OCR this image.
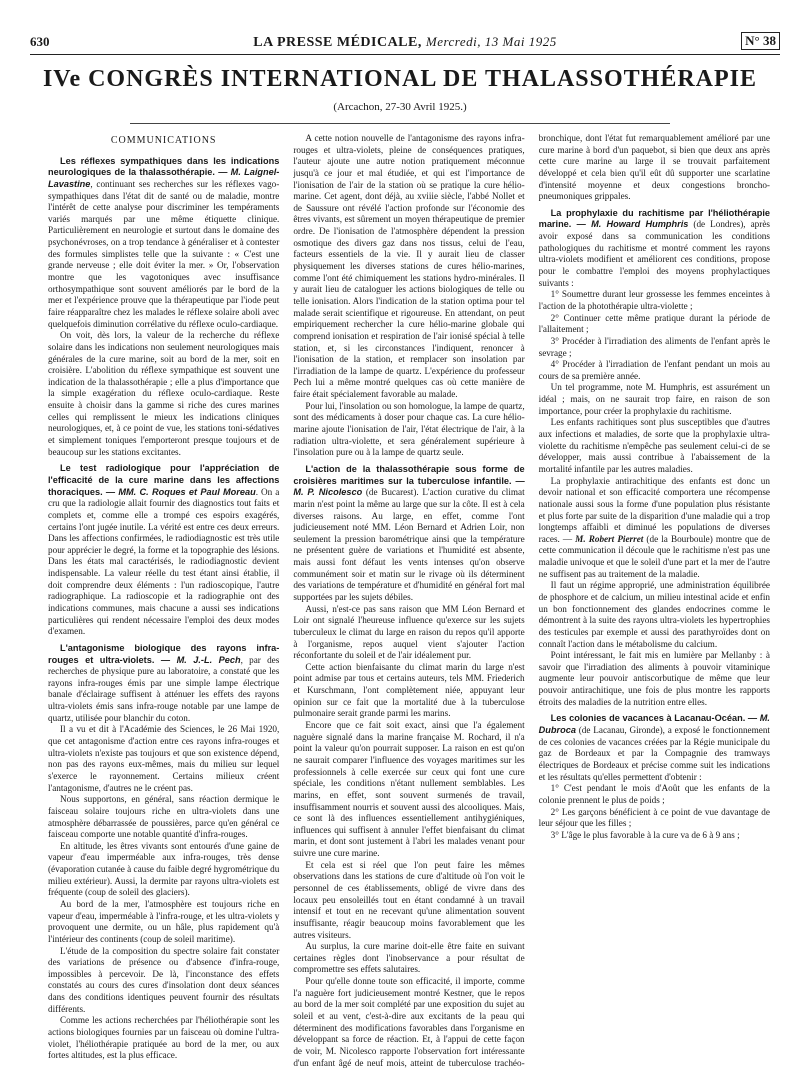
630	LA PRESSE MÉDICALE, Mercredi, 13 Mai 1925	N° 38
IVe CONGRÈS INTERNATIONAL DE THALASSOTHÉRAPIE
(Arcachon, 27-30 Avril 1925.)
COMMUNICATIONS
Les réflexes sympathiques dans les indications neurologiques de la thalassothérapie. — M. Laignel-Lavastine, continuant ses recherches sur les réflexes vago-sympathiques dans l'état dit de santé ou de maladie, montre l'intérêt de cette analyse pour discriminer les tempéraments variés marqués par une même étiquette clinique. Particulièrement en neurologie et surtout dans le domaine des psychonévroses, on a trop tendance à généraliser et à contester des formules simplistes telle que la suivante : « C'est une grande nerveuse ; elle doit éviter la mer. » Or, l'observation montre que les vagotoniques avec insuffisance orthosympathique sont souvent améliorés par le bord de la mer et l'expérience prouve que la thérapeutique par l'iode peut faire réapparaître chez les malades le réflexe solaire aboli avec quelquefois diminution corrélative du réflexe oculo-cardiaque.

On voit, dès lors, la valeur de la recherche du réflexe solaire dans les indications non seulement neurologiques mais générales de la cure marine, soit au bord de la mer, soit en croisière. L'abolition du réflexe sympathique est souvent une indication de la thalassothérapie ; elle a plus d'importance que la simple exagération du réflexe oculo-cardiaque. Reste ensuite à choisir dans la gamme si riche des cures marines celles qui remplissent le mieux les indications cliniques neurologiques, et, à ce point de vue, les stations toni-sédatives et simplement toniques l'emporteront presque toujours et de beaucoup sur les stations excitantes.

Le test radiologique pour l'appréciation de l'efficacité de la cure marine dans les affections thoraciques. — MM. C. Roques et Paul Moreau. On a cru que la radiologie allait fournir des diagnostics tout faits et complets et, comme elle a trompé ces espoirs exagérés, certains l'ont jugée inutile. La vérité est entre ces deux erreurs. Dans les affections confirmées, le radiodiagnostic est très utile pour apprécier le degré, la forme et la topographie des lésions. Dans les états mal caractérisés, le radiodiagnostic devient indispensable. La valeur réelle du test étant ainsi établie, il doit comprendre deux éléments : l'un radioscopique, l'autre radiographique. La radioscopie et la radiographie ont des indications communes, mais chacune a aussi ses indications particulières qui rendent nécessaire l'emploi des deux modes d'examen.
L'antagonisme biologique des rayons infra-rouges et ultra-violets. — M. J.-L. Pech, par des recherches de physique pure au laboratoire, a constaté que les rayons infra-rouges émis par une simple lampe électrique banale d'éclairage suffisent à atténuer les effets des rayons ultra-violets émis sans infra-rouge notable par une lampe de quartz, utilisée pour blanchir du coton.

Il a vu et dit à l'Académie des Sciences, le 26 Mai 1920, que cet antagonisme d'action entre ces rayons infra-rouges et ultra-violets n'existe pas toujours et que son existence dépend, non pas des rayons eux-mêmes, mais du milieu sur lequel s'exerce le rayonnement. Certains milieux créent l'antagonisme, d'autres ne le créent pas.

Nous supportons, en général, sans réaction dermique le faisceau solaire toujours riche en ultra-violets dans une atmosphère débarrassée de poussières, parce qu'en général ce faisceau comporte une notable quantité d'infra-rouges.

En altitude, les êtres vivants sont entourés d'une gaine de vapeur d'eau imperméable aux infra-rouges, très dense (évaporation cutanée à cause du faible degré hygrométrique du milieu extérieur). Aussi, la dermite par rayons ultra-violets est fréquente (coup de soleil des glaciers).

Au bord de la mer, l'atmosphère est toujours riche en vapeur d'eau, imperméable à l'infra-rouge, et les ultra-violets y provoquent une dermite, ou un hâle, plus rapidement qu'à l'intérieur des continents (coup de soleil maritime).

L'étude de la composition du spectre solaire fait constater des variations de présence ou d'absence d'infra-rouge, impossibles à percevoir. De là, l'inconstance des effets constatés au cours des cures d'insolation dont deux séances dans des conditions identiques peuvent fournir des résultats différents.

Comme les actions recherchées par l'héliothérapie sont les actions biologiques fournies par un faisceau où domine l'ultra-violet, l'héliothérapie pratiquée au bord de la mer, ou aux fortes altitudes, est la plus efficace.

A cette notion nouvelle de l'antagonisme des rayons infra-rouges et ultra-violets, pleine de conséquences pratiques, l'auteur ajoute une autre notion pratiquement méconnue jusqu'à ce jour et mal étudiée, et qui est l'importance de l'ionisation de l'air de la station où se pratique la cure hélio-marine. Cet agent, dont déjà, au xviiie siècle, l'abbé Nollet et de Saussure ont révélé l'action profonde sur l'économie des êtres vivants, est sûrement un moyen thérapeutique de premier ordre. De l'ionisation de l'atmosphère dépendent la pression osmotique des divers gaz dans nos tissus, celui de l'eau, facteurs essentiels de la vie. Il y aurait lieu de classer physiquement les diverses stations de cures hélio-marines, comme l'ont été chimiquement les stations hydro-minérales. Il y aurait lieu de cataloguer les actions biologiques de telle ou telle ionisation. Alors l'indication de la station optima pour tel malade serait scientifique et rigoureuse. En attendant, on peut empiriquement rechercher la cure hélio-marine globale qui comprend ionisation et respiration de l'air ionisé spécial à telle station, et, si les circonstances l'indiquent, renoncer à l'ionisation de la station, et remplacer son insolation par l'irradiation de la lampe de quartz. L'expérience du professeur Pech lui a même montré quelques cas où cette manière de faire était spécialement favorable au malade.

Pour lui, l'insolation ou son homologue, la lampe de quartz, sont des médicaments à doser pour chaque cas. La cure hélio-marine ajoute l'ionisation de l'air, l'état électrique de l'air, à la radiation ultra-violette, et sera généralement supérieure à l'insolation pure ou à la lampe de quartz seule.

L'action de la thalassothérapie sous forme de croisières maritimes sur la tuberculose infantile. — M. P. Nicolesco (de Bucarest). L'action curative du climat marin n'est point la même au large que sur la côte. Il est à cela diverses raisons. Au large, en effet, comme l'ont judicieusement noté MM. Léon Bernard et Adrien Loir, non seulement la pression barométrique ainsi que la température ne présentent guère de variations et l'humidité est absente, mais aussi font défaut les vents intenses qu'on observe communément soir et matin sur le rivage où ils déterminent des variations de température et d'humidité en général fort mal supportées par les sujets débiles.

Aussi, n'est-ce pas sans raison que MM Léon Bernard et Loir ont signalé l'heureuse influence qu'exerce sur les sujets tuberculeux le climat du large en raison du repos qu'il apporte à l'organisme, repos auquel vient s'ajouter l'action réconfortante du soleil et de l'air idéalement pur.

Cette action bienfaisante du climat marin du large n'est point admise par tous et certains auteurs, tels MM. Friederich et Kurschmann, l'ont complètement niée, appuyant leur opinion sur ce fait que la mortalité due à la tuberculose pulmonaire serait grande parmi les marins.

Encore que ce fait soit exact, ainsi que l'a également naguère signalé dans la marine française M. Rochard, il n'a point la valeur qu'on pourrait supposer. La raison en est qu'on ne saurait comparer l'influence des voyages maritimes sur les professionnels à celle exercée sur ceux qui font une cure spéciale, les conditions n'étant nullement semblables. Les marins, en effet, sont souvent surmenés de travail, insuffisamment nourris et souvent aussi des alcooliques. Mais, ce sont là des influences essentiellement antihygiéniques, influences qui suffisent à annuler l'effet bienfaisant du climat marin, et dont sont justement à l'abri les malades venant pour suivre une cure marine.

Et cela est si réel que l'on peut faire les mêmes observations dans les stations de cure d'altitude où l'on voit le personnel de ces établissements, obligé de vivre dans des locaux peu ensoleillés tout en étant condamné à un travail intensif et tout en ne recevant qu'une alimentation souvent insuffisante, réagir beaucoup moins favorablement que les autres visiteurs.

Au surplus, la cure marine doit-elle être faite en suivant certaines règles dont l'inobservance a pour résultat de compromettre ses effets salutaires.

Pour qu'elle donne toute son efficacité, il importe, comme l'a naguère fort judicieusement montré Kestner, que le repos au bord de la mer soit complété par une exposition du sujet au soleil et au vent, c'est-à-dire aux excitants de la peau qui déterminent des modifications favorables dans l'organisme en développant sa force de réaction. Et, à l'appui de cette façon de voir, M. Nicolesco rapporte l'observation fort intéressante d'un enfant âgé de neuf mois, atteint de tuberculose trachéo-bronchique, dont l'état fut remarquablement amélioré par une cure marine à bord d'un paquebot, si bien que deux ans après cette cure marine au large il se trouvait parfaitement développé et cela bien qu'il eût dû supporter une scarlatine d'intensité moyenne et deux congestions broncho-pneumoniques grippales.

La prophylaxie du rachitisme par l'héliothérapie marine. — M. Howard Humphris (de Londres), après avoir exposé dans sa communication les conditions pathologiques du rachitisme et montré comment les rayons ultra-violets modifient et améliorent ces conditions, propose pour le combattre l'emploi des moyens prophylactiques suivants :

1° Soumettre durant leur grossesse les femmes enceintes à l'action de la photothérapie ultra-violette ;

2° Continuer cette même pratique durant la période de l'allaitement ;

3° Procéder à l'irradiation des aliments de l'enfant après le sevrage ;

4° Procéder à l'irradiation de l'enfant pendant un mois au cours de sa première année.

Un tel programme, note M. Humphris, est assurément un idéal ; mais, on ne saurait trop faire, en raison de son importance, pour créer la prophylaxie du rachitisme.

Les enfants rachitiques sont plus susceptibles que d'autres aux infections et maladies, de sorte que la prophylaxie ultra-violette du rachitisme n'empêche pas seulement celui-ci de se développer, mais aussi contribue à l'abaissement de la mortalité infantile par les autres maladies.

La prophylaxie antirachitique des enfants est donc un devoir national et son efficacité comportera une récompense nationale aussi sous la forme d'une population plus résistante et plus forte par suite de la disparition d'une maladie qui a trop longtemps affaibli et diminué les populations de diverses races. — M. Robert Pierret (de la Bourboule) montre que de cette communication il découle que le rachitisme n'est pas une maladie univoque et que le soleil d'une part et la mer de l'autre ne suffisent pas au traitement de la maladie.

Il faut un régime approprié, une administration équilibrée de phosphore et de calcium, un milieu intestinal acide et enfin un bon fonctionnement des glandes endocrines comme le démontrent à la suite des rayons ultra-violets les hypertrophies des testicules par exemple et aussi des parathyroïdes dont on connaît l'action dans le métabolisme du calcium.

Point intéressant, le fait mis en lumière par Mellanby : à savoir que l'irradiation des aliments à pouvoir vitaminique augmente leur pouvoir antiscorbutique de même que leur pouvoir antirachitique, une fois de plus montre les rapports étroits des maladies de la nutrition entre elles.

Les colonies de vacances à Lacanau-Océan. — M. Dubroca (de Lacanau, Gironde), a exposé le fonctionnement de ces colonies de vacances créées par la Régie municipale du gaz de Bordeaux et par la Compagnie des tramways électriques de Bordeaux et précise comme suit les indications et les résultats qu'elles permettent d'obtenir :

1° C'est pendant le mois d'Août que les enfants de la colonie prennent le plus de poids ;

2° Les garçons bénéficient à ce point de vue davantage de leur séjour que les filles ;

3° L'âge le plus favorable à la cure va de 6 à 9 ans ;
